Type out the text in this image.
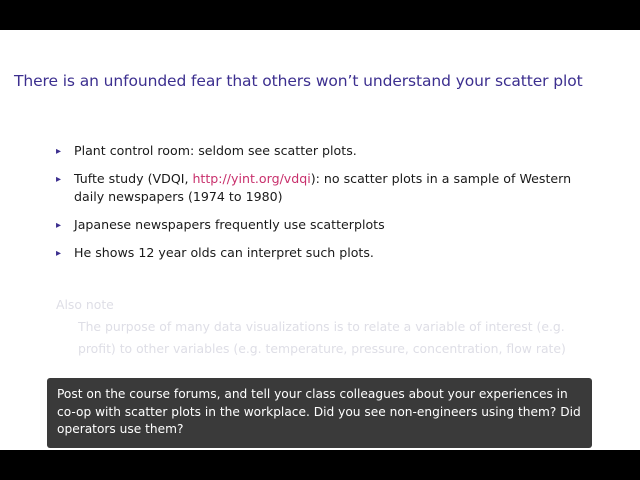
There is an unfounded fear that others won’t understand your scatter plot
▸ Plant control room: seldom see scatter plots.
▸ Tufte study (VDQI, http://yint.org/vdqi): no scatter plots in a sample of Western daily newspapers (1974 to 1980)
▸ Japanese newspapers frequently use scatterplots
▸ He shows 12 year olds can interpret such plots.
Also note
The purpose of many data visualizations is to relate a variable of interest (e.g.
profit) to other variables (e.g. temperature, pressure, concentration, flow rate)
Post on the course forums, and tell your class colleagues about your experiences in co-op with scatter plots in the workplace. Did you see non-engineers using them? Did operators use them?
